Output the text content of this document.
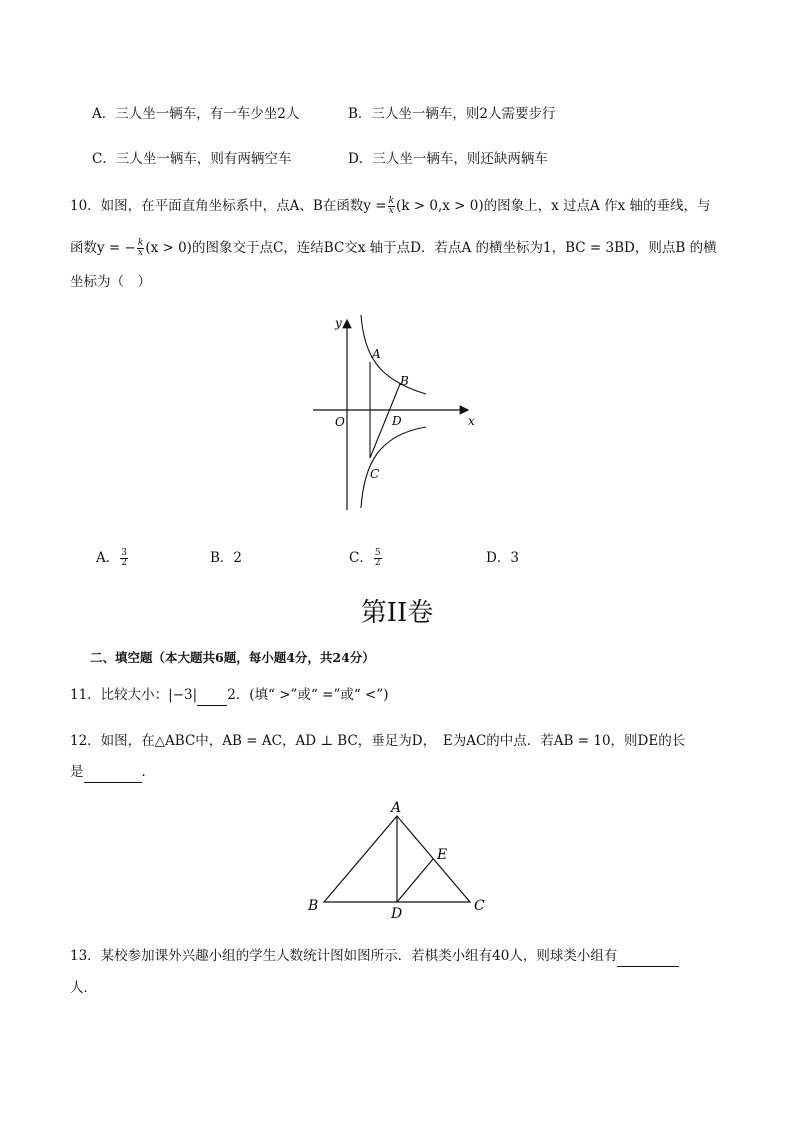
A．三人坐一辆车，有一车少坐2人	B．三人坐一辆车，则2人需要步行
C．三人坐一辆车，则有两辆空车	D．三人坐一辆车，则还缺两辆车
10．如图，在平面直角坐标系中，点A、B在函数$y = \frac{k}{x} (k > 0,x > 0)$的图象上，x 过点A 作x 轴的垂线，与
函数y = − $\frac{k}{x} (x > 0)$的图象交于点C，连结BC交x 轴于点D．若点A 的横坐标为1，BC = 3BD，则点B 的横
坐标为（　）
y
x
O
A
B
D
C
A． $\frac{3}{2}$	B．2	C． $\frac{5}{2}$	D．3
第II卷
二、填空题（本大题共6题，每小题4分，共24分）
11．比较大小：|−3| 2．(填“ >”或“ =”或“ <”)
12．如图，在△ABC中，AB = AC，AD ⊥ BC，垂足为D，　E为AC的中点．若AB = 10，则DE的长
是	．
A
B	C
D
E
13．某校参加课外兴趣小组的学生人数统计图如图所示．若棋类小组有40人，则球类小组有
人．
